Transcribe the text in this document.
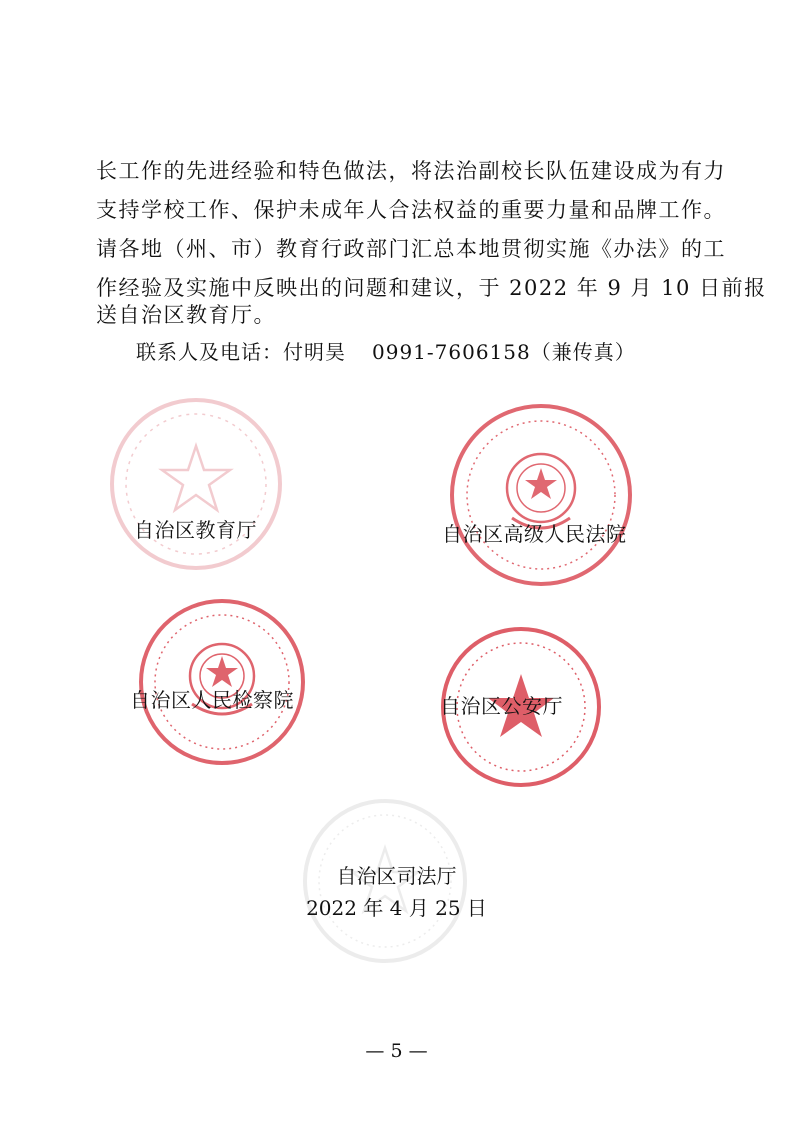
长工作的先进经验和特色做法，将法治副校长队伍建设成为有力
支持学校工作、保护未成年人合法权益的重要力量和品牌工作。
请各地（州、市）教育行政部门汇总本地贯彻实施《办法》的工
作经验及实施中反映出的问题和建议，于 2022 年 9 月 10 日前报
送自治区教育厅。
联系人及电话：付明昊 0991-7606158（兼传真）
自治区教育厅	自治区高级人民法院
自治区人民检察院	自治区公安厅
自治区司法厅
2022 年 4 月 25 日
— 5 —
